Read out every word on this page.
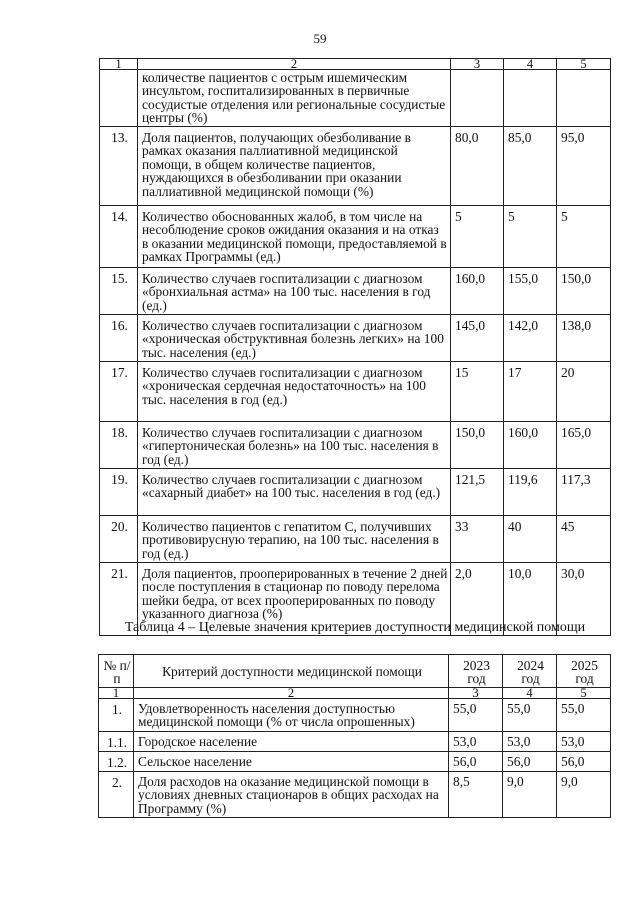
59
1	2	3	4	5
	количестве пациентов с острым ишемическим инсультом, госпитализированных в первичные сосудистые отделения или региональные сосудистые центры (%)			
13.	Доля пациентов, получающих обезболивание в рамках оказания паллиативной медицинской помощи, в общем количестве пациентов, нуждающихся в обезболивании при оказании паллиативной медицинской помощи (%)	80,0	85,0	95,0
14.	Количество обоснованных жалоб, в том числе на несоблюдение сроков ожидания оказания и на отказ в оказании медицинской помощи, предоставляемой в рамках Программы (ед.)	5	5	5
15.	Количество случаев госпитализации с диагнозом «бронхиальная астма» на 100 тыс. населения в год (ед.)	160,0	155,0	150,0
16.	Количество случаев госпитализации с диагнозом «хроническая обструктивная болезнь легких» на 100 тыс. населения (ед.)	145,0	142,0	138,0
17.	Количество случаев госпитализации с диагнозом «хроническая сердечная недостаточность» на 100 тыс. населения в год (ед.)	15	17	20
18.	Количество случаев госпитализации с диагнозом «гипертоническая болезнь» на 100 тыс. населения в год (ед.)	150,0	160,0	165,0
19.	Количество случаев госпитализации с диагнозом «сахарный диабет» на 100 тыс. населения в год (ед.)	121,5	119,6	117,3
20.	Количество пациентов с гепатитом С, получивших противовирусную терапию, на 100 тыс. населения в год (ед.)	33	40	45
21.	Доля пациентов, прооперированных в течение 2 дней после поступления в стационар по поводу перелома шейки бедра, от всех прооперированных по поводу указанного диагноза (%)	2,0	10,0	30,0
Таблица 4 – Целевые значения критериев доступности медицинской помощи
№ п/п	Критерий доступности медицинской помощи	2023 год	2024 год	2025 год
1	2	3	4	5
1.	Удовлетворенность населения доступностью медицинской помощи (% от числа опрошенных)	55,0	55,0	55,0
1.1.	Городское население	53,0	53,0	53,0
1.2.	Сельское население	56,0	56,0	56,0
2.	Доля расходов на оказание медицинской помощи в условиях дневных стационаров в общих расходах на Программу (%)	8,5	9,0	9,0
